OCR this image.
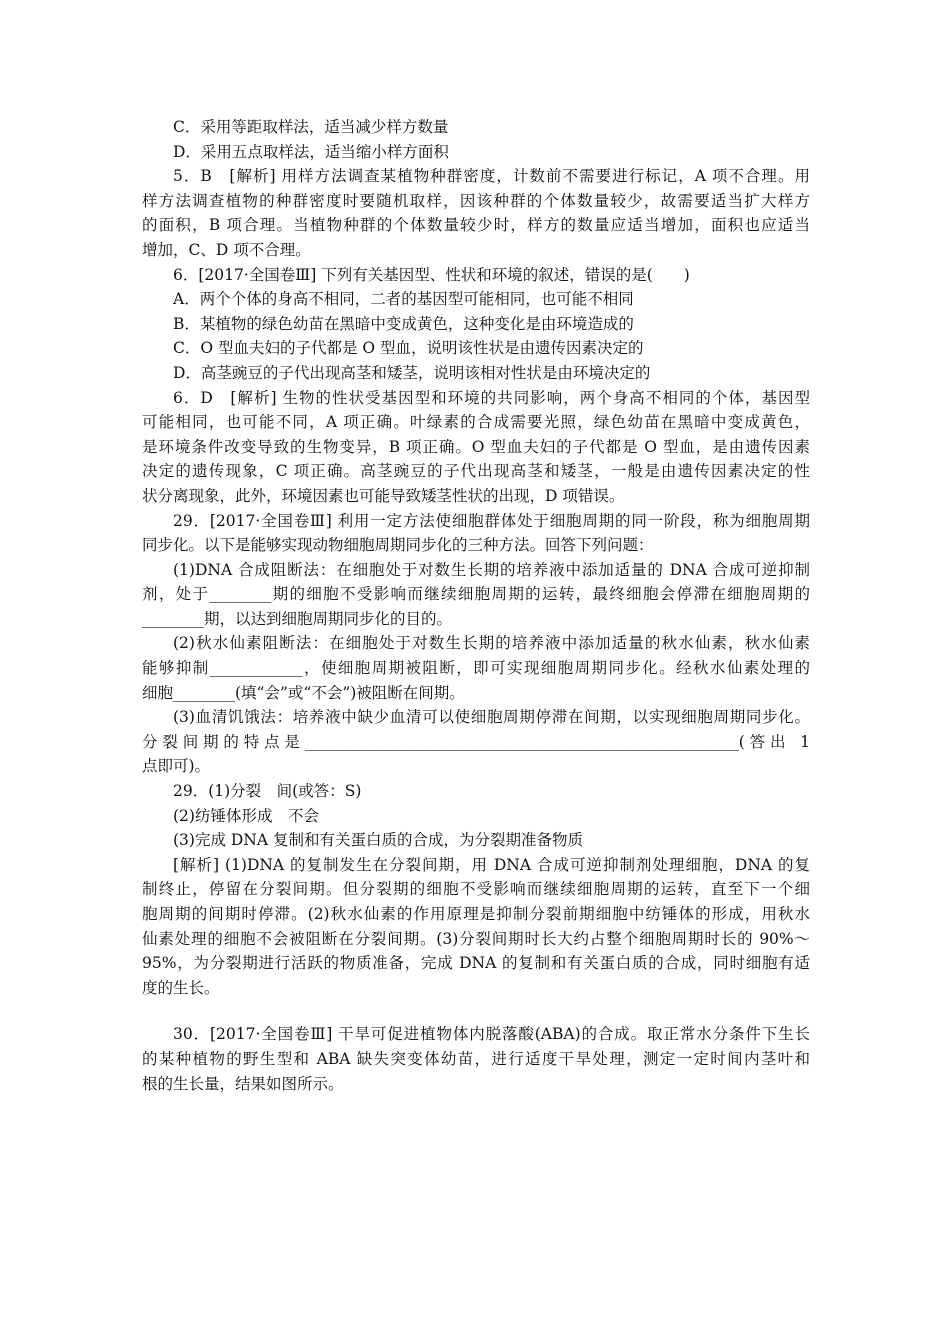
C．采用等距取样法，适当减少样方数量
D．采用五点取样法，适当缩小样方面积
5．B　[解析] 用样方法调查某植物种群密度，计数前不需要进行标记，A 项不合理。用
样方法调查植物的种群密度时要随机取样，因该种群的个体数量较少，故需要适当扩大样方
的面积，B 项合理。当植物种群的个体数量较少时，样方的数量应适当增加，面积也应适当
增加，C、D 项不合理。
6．[2017·全国卷Ⅲ] 下列有关基因型、性状和环境的叙述，错误的是(　　)
A．两个个体的身高不相同，二者的基因型可能相同，也可能不相同
B．某植物的绿色幼苗在黑暗中变成黄色，这种变化是由环境造成的
C．O 型血夫妇的子代都是 O 型血，说明该性状是由遗传因素决定的
D．高茎豌豆的子代出现高茎和矮茎，说明该相对性状是由环境决定的
6．D　[解析] 生物的性状受基因型和环境的共同影响，两个身高不相同的个体，基因型
可能相同，也可能不同，A 项正确。叶绿素的合成需要光照，绿色幼苗在黑暗中变成黄色，
是环境条件改变导致的生物变异，B 项正确。O 型血夫妇的子代都是 O 型血，是由遗传因素
决定的遗传现象，C 项正确。高茎豌豆的子代出现高茎和矮茎，一般是由遗传因素决定的性
状分离现象，此外，环境因素也可能导致矮茎性状的出现，D 项错误。
29．[2017·全国卷Ⅲ] 利用一定方法使细胞群体处于细胞周期的同一阶段，称为细胞周期
同步化。以下是能够实现动物细胞周期同步化的三种方法。回答下列问题：
(1)DNA 合成阻断法：在细胞处于对数生长期的培养液中添加适量的 DNA 合成可逆抑制
剂，处于________期的细胞不受影响而继续细胞周期的运转，最终细胞会停滞在细胞周期的
________期，以达到细胞周期同步化的目的。
(2)秋水仙素阻断法：在细胞处于对数生长期的培养液中添加适量的秋水仙素，秋水仙素
能够抑制____________，使细胞周期被阻断，即可实现细胞周期同步化。经秋水仙素处理的
细胞________(填“会”或“不会”)被阻断在间期。
(3)血清饥饿法：培养液中缺少血清可以使细胞周期停滞在间期，以实现细胞周期同步化。
分裂间期的特点是________________________________________________________(答出 1
点即可)。
29．(1)分裂　间(或答：S)
(2)纺锤体形成　不会
(3)完成 DNA 复制和有关蛋白质的合成，为分裂期准备物质
[解析] (1)DNA 的复制发生在分裂间期，用 DNA 合成可逆抑制剂处理细胞，DNA 的复
制终止，停留在分裂间期。但分裂期的细胞不受影响而继续细胞周期的运转，直至下一个细
胞周期的间期时停滞。(2)秋水仙素的作用原理是抑制分裂前期细胞中纺锤体的形成，用秋水
仙素处理的细胞不会被阻断在分裂间期。(3)分裂间期时长大约占整个细胞周期时长的 90%～
95%，为分裂期进行活跃的物质准备，完成 DNA 的复制和有关蛋白质的合成，同时细胞有适
度的生长。
30．[2017·全国卷Ⅲ] 干旱可促进植物体内脱落酸(ABA)的合成。取正常水分条件下生长
的某种植物的野生型和 ABA 缺失突变体幼苗，进行适度干旱处理，测定一定时间内茎叶和
根的生长量，结果如图所示。
